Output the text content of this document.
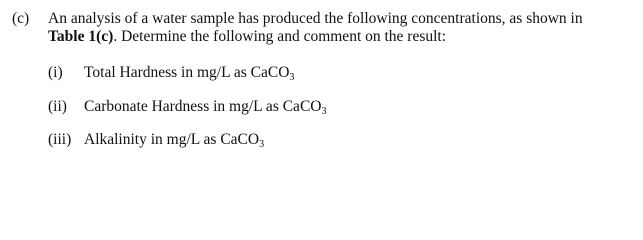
(c) An analysis of a water sample has produced the following concentrations, as shown in
Table 1(c). Determine the following and comment on the result:
(i) Total Hardness in mg/L as CaCO$_3$
(ii) Carbonate Hardness in mg/L as CaCO$_3$
(iii) Alkalinity in mg/L as CaCO$_3$
